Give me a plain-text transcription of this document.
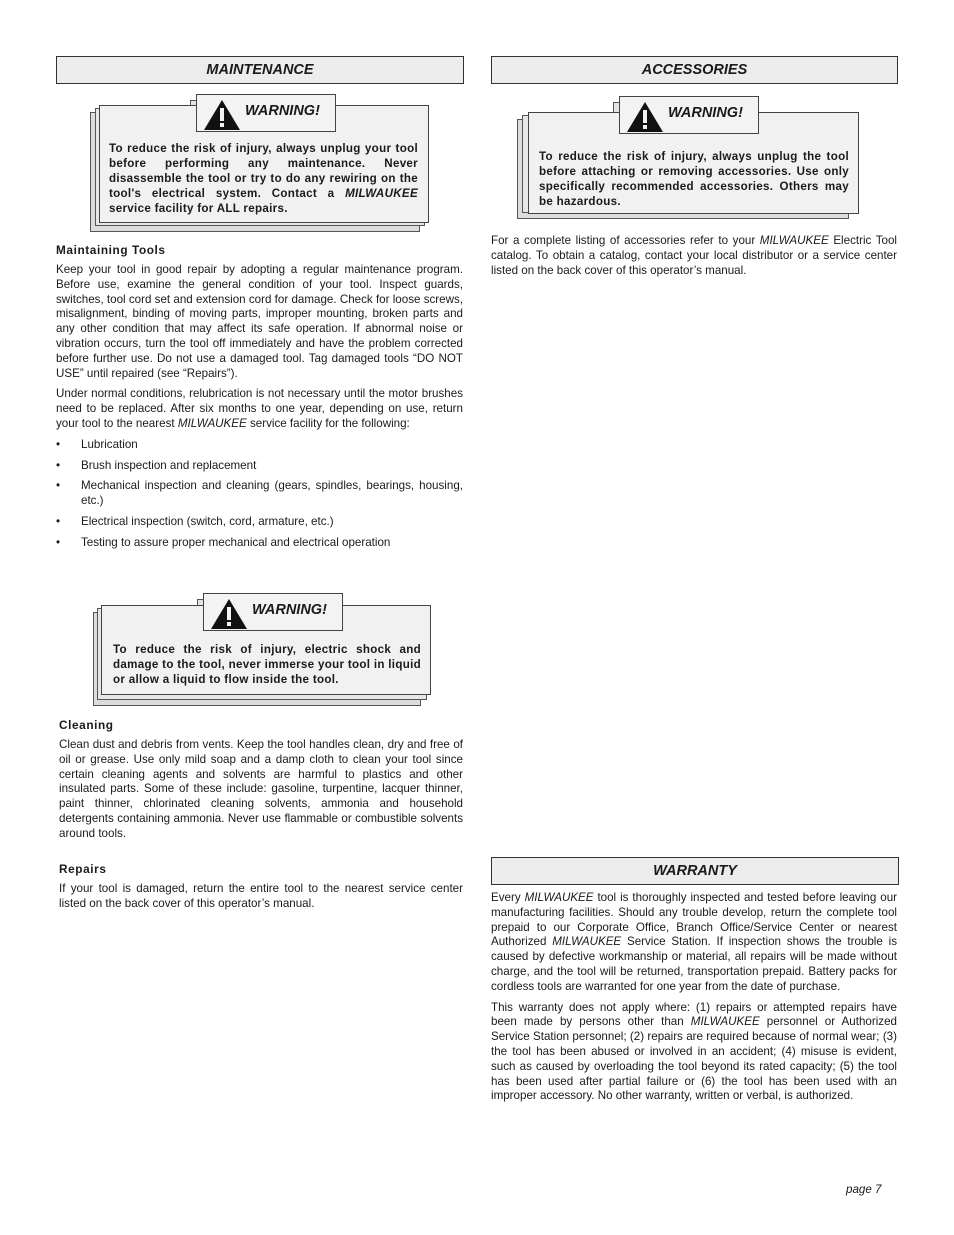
MAINTENANCE
To reduce the risk of injury, always unplug your tool before performing any maintenance. Never disassemble the tool or try to do any rewiring on the tool's electrical system. Contact a MILWAUKEE service facility for ALL repairs.
WARNING!
Maintaining Tools

Keep your tool in good repair by adopting a regular maintenance program. Before use, examine the general condition of your tool. Inspect guards, switches, tool cord set and extension cord for damage. Check for loose screws, misalignment, binding of moving parts, improper mounting, broken parts and any other condition that may affect its safe operation. If abnormal noise or vibration occurs, turn the tool off immediately and have the problem corrected before further use. Do not use a damaged tool. Tag damaged tools “DO NOT USE” until repaired (see “Repairs”).

Under normal conditions, relubrication is not necessary until the motor brushes need to be replaced. After six months to one year, depending on use, return your tool to the nearest MILWAUKEE service facility for the following:

• Lubrication
• Brush inspection and replacement
• Mechanical inspection and cleaning (gears, spindles, bearings, housing, etc.)
• Electrical inspection (switch, cord, armature, etc.)
• Testing to assure proper mechanical and electrical operation
To reduce the risk of injury, electric shock and damage to the tool, never immerse your tool in liquid or allow a liquid to flow inside the tool.
WARNING!
Cleaning

Clean dust and debris from vents. Keep the tool handles clean, dry and free of oil or grease. Use only mild soap and a damp cloth to clean your tool since certain cleaning agents and solvents are harmful to plastics and other insulated parts. Some of these include: gasoline, turpentine, lacquer thinner, paint thinner, chlorinated cleaning solvents, ammonia and household detergents containing ammonia. Never use flammable or combustible solvents around tools.

Repairs

If your tool is damaged, return the entire tool to the nearest service center listed on the back cover of this operator’s manual.

ACCESSORIES
To reduce the risk of injury, always unplug the tool before attaching or removing accessories. Use only specifically recommended accessories. Others may be hazardous.
WARNING!

For a complete listing of accessories refer to your MILWAUKEE Electric Tool catalog. To obtain a catalog, contact your local distributor or a service center listed on the back cover of this operator’s manual.

WARRANTY

Every MILWAUKEE tool is thoroughly inspected and tested before leaving our manufacturing facilities. Should any trouble develop, return the complete tool prepaid to our Corporate Office, Branch Office/Service Center or nearest Authorized MILWAUKEE Service Station. If inspection shows the trouble is caused by defective workmanship or material, all repairs will be made without charge, and the tool will be returned, transportation prepaid. Battery packs for cordless tools are warranted for one year from the date of purchase.

This warranty does not apply where: (1) repairs or attempted repairs have been made by persons other than MILWAUKEE personnel or Authorized Service Station personnel; (2) repairs are required because of normal wear; (3) the tool has been abused or involved in an accident; (4) misuse is evident, such as caused by overloading the tool beyond its rated capacity; (5) the tool has been used after partial failure or (6) the tool has been used with an improper accessory. No other warranty, written or verbal, is authorized.

page 7
